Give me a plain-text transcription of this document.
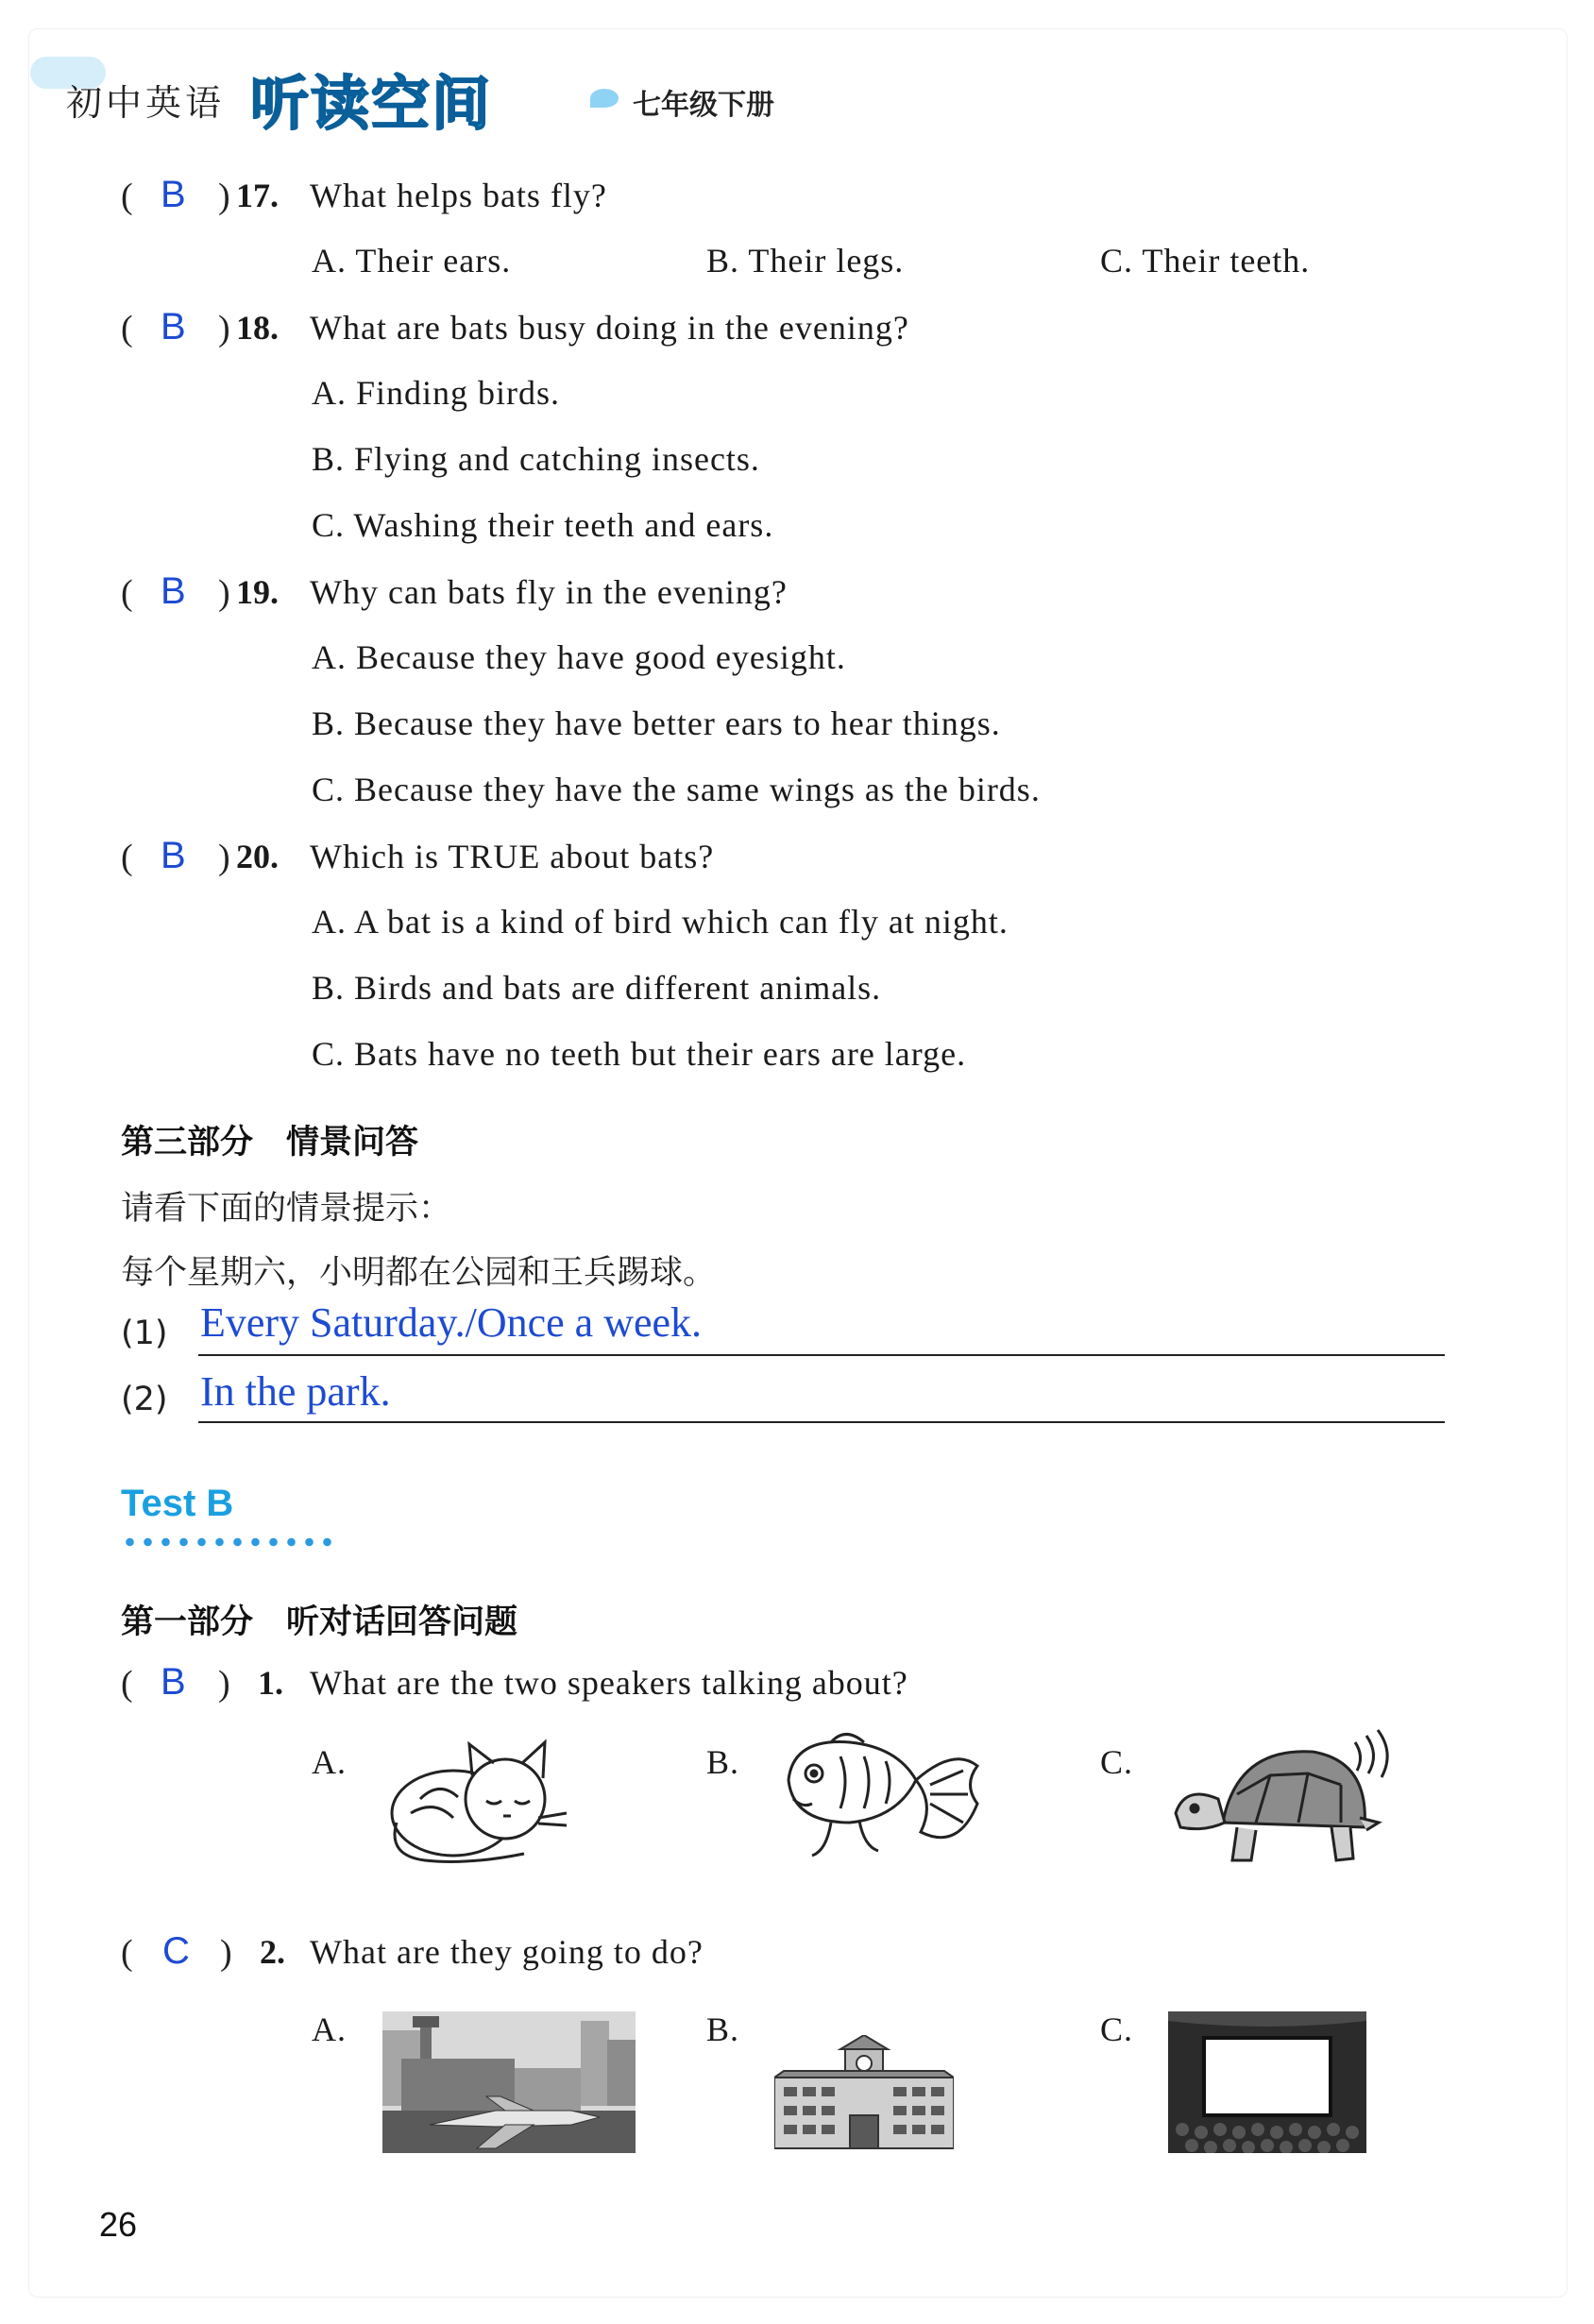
初中英语 听读空间	七年级下册
( B ) 17. What helps bats fly?
A. Their ears.	B. Their legs.	C. Their teeth.
( B ) 18. What are bats busy doing in the evening?
A. Finding birds.
B. Flying and catching insects.
C. Washing their teeth and ears.
( B ) 19. Why can bats fly in the evening?
A. Because they have good eyesight.
B. Because they have better ears to hear things.
C. Because they have the same wings as the birds.
( B ) 20. Which is TRUE about bats?
A. A bat is a kind of bird which can fly at night.
B. Birds and bats are different animals.
C. Bats have no teeth but their ears are large.
第三部分　情景问答
请看下面的情景提示：
每个星期六，小明都在公园和王兵踢球。
(1) Every Saturday./Once a week.
(2) In the park.
Test B
第一部分　听对话回答问题
( B ) 1. What are the two speakers talking about?
A.	B.	C.
( C ) 2. What are they going to do?
A.	B.	C.
26
